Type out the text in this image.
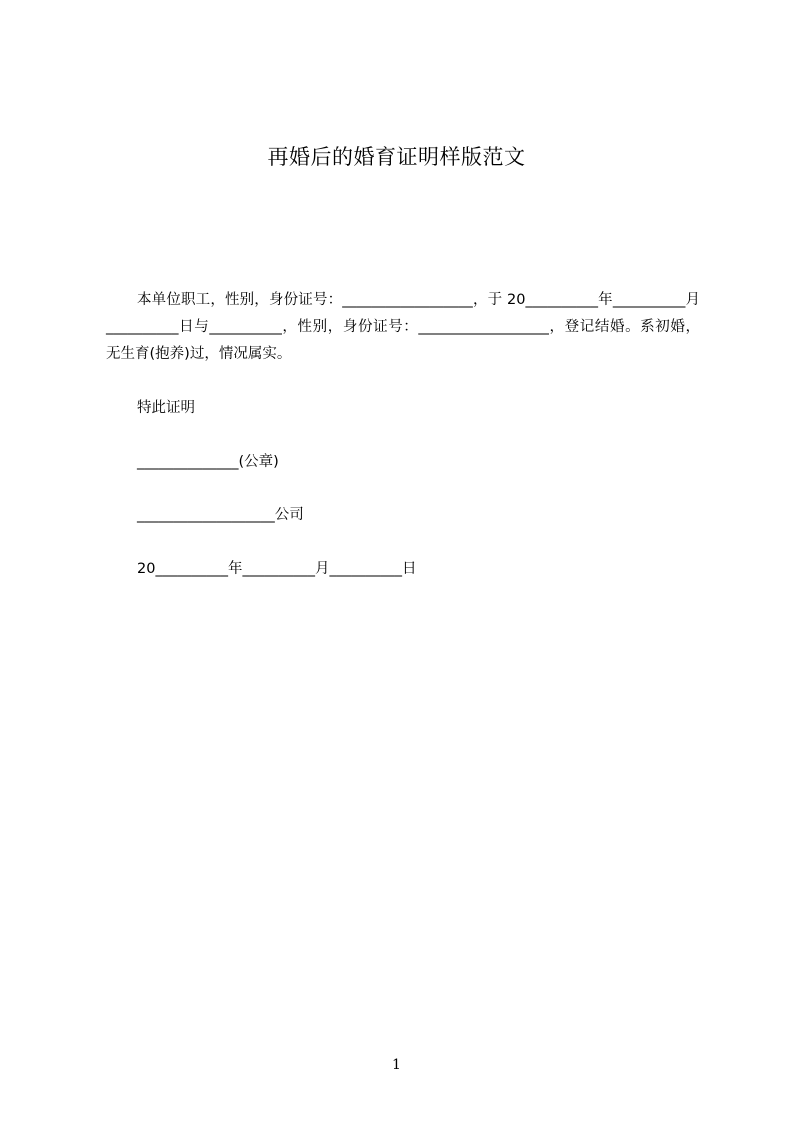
再婚后的婚育证明样版范文
本单位职工，性别，身份证号：__________________，于 20__________年__________月__________日与__________，性别，身份证号：__________________，登记结婚。系初婚，无生育(抱养)过，情况属实。
特此证明
______________(公章)
___________________公司
20__________年__________月__________日
1
